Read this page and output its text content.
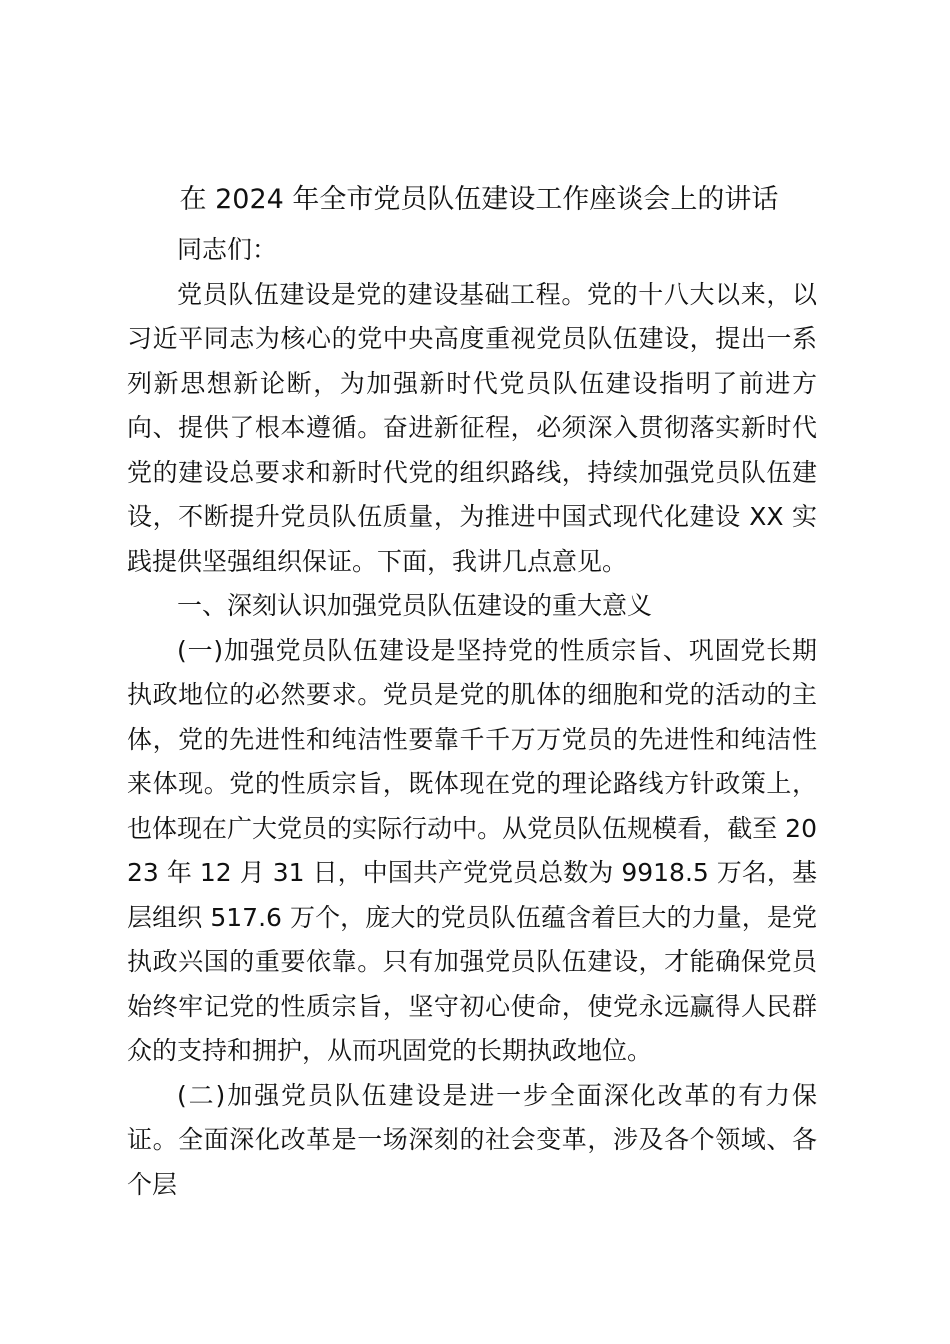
在 2024 年全市党员队伍建设工作座谈会上的讲话

同志们：

党员队伍建设是党的建设基础工程。党的十八大以来，以习近平同志为核心的党中央高度重视党员队伍建设，提出一系列新思想新论断，为加强新时代党员队伍建设指明了前进方向、提供了根本遵循。奋进新征程，必须深入贯彻落实新时代党的建设总要求和新时代党的组织路线，持续加强党员队伍建设，不断提升党员队伍质量，为推进中国式现代化建设 XX 实践提供坚强组织保证。下面，我讲几点意见。

一、深刻认识加强党员队伍建设的重大意义

(一)加强党员队伍建设是坚持党的性质宗旨、巩固党长期执政地位的必然要求。党员是党的肌体的细胞和党的活动的主体，党的先进性和纯洁性要靠千千万万党员的先进性和纯洁性来体现。党的性质宗旨，既体现在党的理论路线方针政策上，也体现在广大党员的实际行动中。从党员队伍规模看，截至 2023 年 12 月 31 日，中国共产党党员总数为 9918.5 万名，基层组织 517.6 万个，庞大的党员队伍蕴含着巨大的力量，是党执政兴国的重要依靠。只有加强党员队伍建设，才能确保党员始终牢记党的性质宗旨，坚守初心使命，使党永远赢得人民群众的支持和拥护，从而巩固党的长期执政地位。

(二)加强党员队伍建设是进一步全面深化改革的有力保证。全面深化改革是一场深刻的社会变革，涉及各个领域、各个层
